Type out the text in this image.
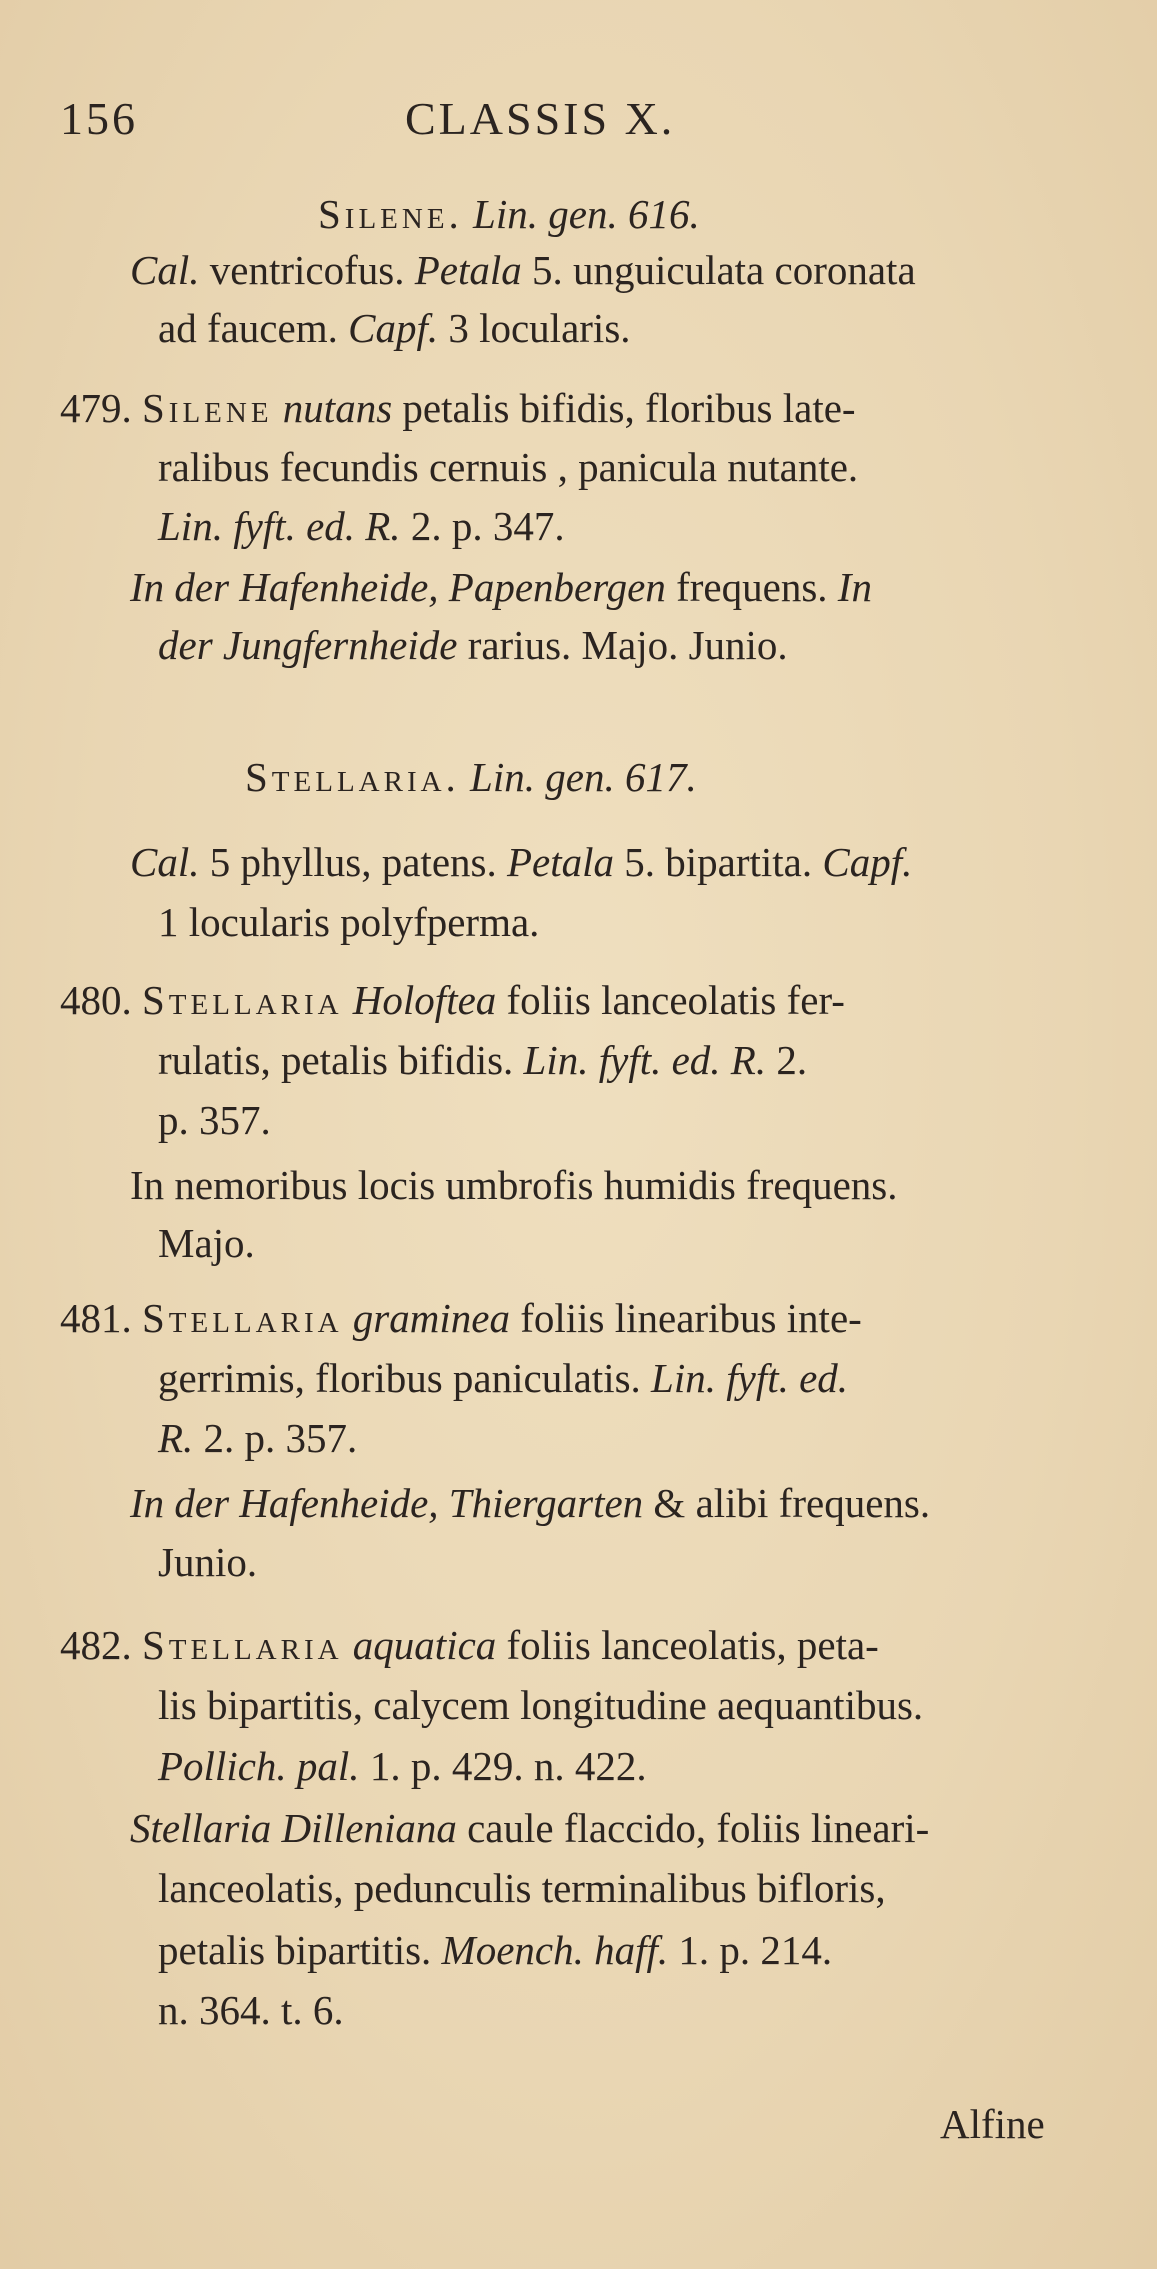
156	CLASSIS X.
Silene. Lin. gen. 616.
Cal. ventricofus. Petala 5. unguiculata coronata
ad faucem. Capf. 3 locularis.
479. Silene nutans petalis bifidis, floribus late-
ralibus fecundis cernuis , panicula nutante.
Lin. fyft. ed. R. 2. p. 347.
In der Hafenheide, Papenbergen frequens. In
der Jungfernheide rarius. Majo. Junio.
Stellaria. Lin. gen. 617.
Cal. 5 phyllus, patens. Petala 5. bipartita. Capf.
1 locularis polyfperma.
480. Stellaria Holoftea foliis lanceolatis fer-
rulatis, petalis bifidis. Lin. fyft. ed. R. 2.
p. 357.
In nemoribus locis umbrofis humidis frequens.
Majo.
481. Stellaria graminea foliis linearibus inte-
gerrimis, floribus paniculatis. Lin. fyft. ed.
R. 2. p. 357.
In der Hafenheide, Thiergarten & alibi frequens.
Junio.
482. Stellaria aquatica foliis lanceolatis, peta-
lis bipartitis, calycem longitudine aequantibus.
Pollich. pal. 1. p. 429. n. 422.
Stellaria Dilleniana caule flaccido, foliis lineari-
lanceolatis, pedunculis terminalibus bifloris,
petalis bipartitis. Moench. haff. 1. p. 214.
n. 364. t. 6.
Alfine
